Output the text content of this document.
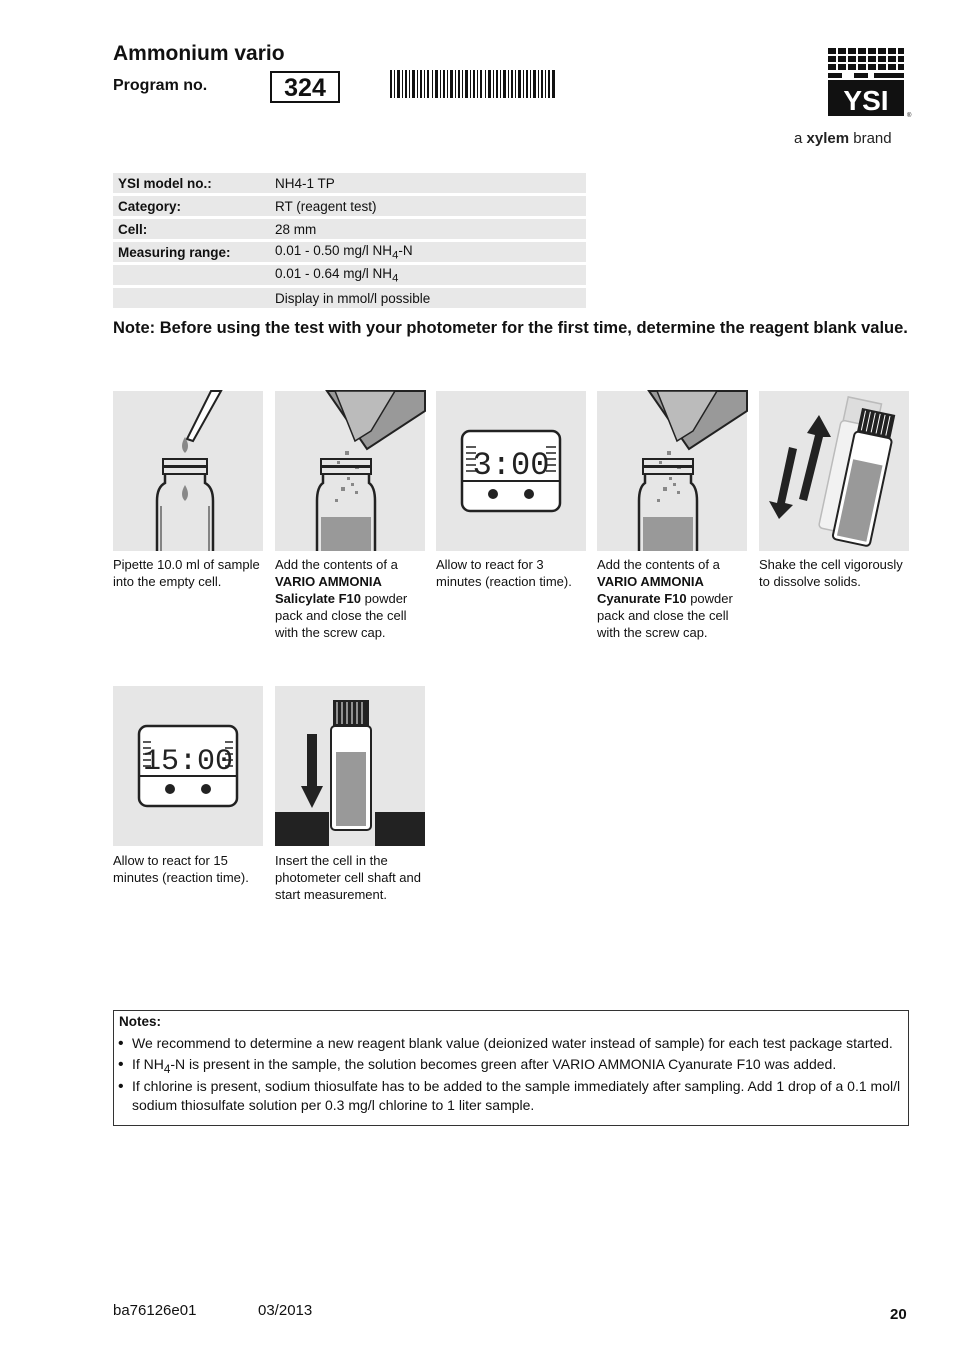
Ammonium vario
Program no.	324	YSI	®
a xylem brand
YSI model no.:	NH4-1 TP
Category:	RT (reagent test)
Cell:	28 mm
Measuring range:	0.01 - 0.50 mg/l $NH_4-N$
	0.01 - 0.64 mg/l $NH_4$
	Display in mmol/l possible
Note: Before using the test with your photometer for the first time, determine the reagent blank value.
Pipette 10.0 ml of sample into the empty cell.
Add the contents of a VARIO AMMONIA Salicylate F10 powder pack and close the cell with the screw cap.
3:00
Allow to react for 3 minutes (reaction time).
Add the contents of a VARIO AMMONIA Cyanurate F10 powder pack and close the cell with the screw cap.
Shake the cell vigorously to dissolve solids.
15:00
Allow to react for 15 minutes (reaction time).
Insert the cell in the photometer cell shaft and start measurement.
Notes:
• We recommend to determine a new reagent blank value (deionized water instead of sample) for each test package started.
• If $NH_4-N$ is present in the sample, the solution becomes green after VARIO AMMONIA Cyanurate F10 was added.
• If chlorine is present, sodium thiosulfate has to be added to the sample immediately after sampling. Add 1 drop of a 0.1 mol/l sodium thiosulfate solution per 0.3 mg/l chlorine to 1 liter sample.
ba76126e01	03/2013	20
